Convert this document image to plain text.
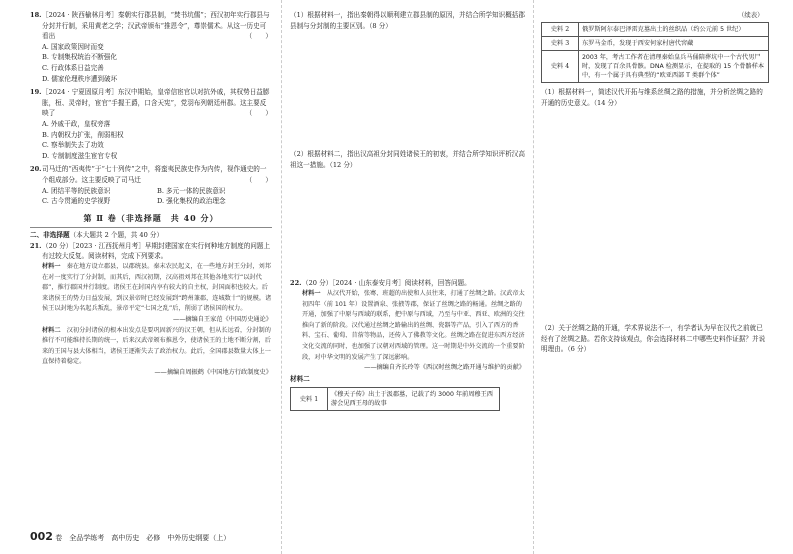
18. ［2024 · 陕西榆林月考］秦朝实行郡县制，“焚书坑儒”；西汉初年实行郡县与分封并行制，采用黄老之学；汉武帝颁布“推恩令”，尊崇儒术。从这一历史可看出	（　　）

A. 国家政策因时而变

B. 专制集权统治不断强化

C. 行政体系日益完善

D. 儒家伦理秩序遭到破坏

19. ［2024 · 宁夏固原月考］东汉中期始，皇帝信宦官以对抗外戚，其权势日益膨胀，桓、灵帝时，宦官“手握王爵，口含天宪”，党羽布列朝廷州郡。这主要反映了	（　　）

A. 外戚干政，皇权旁落

B. 内朝权力扩张，削弱相权

C. 察举制失去了功效

D. 专制制度滋生宦官专权

20. 司马迁的“西夷传”于“七十列传”之中，将蛮夷民族史作为内传，视作通史的一个组成部分。这主要反映了司马迁	（　　）

A. 团结平等的民族意识	B. 多元一体的民族意识
C. 古今贯通的史学视野	D. 强化集权的政治理念
第 Ⅱ 卷（非选择题　共 40 分）

二、非选择题（本大题共 2 个题，共 40 分）

21. （20 分）［2023 · 江西抚州月考］早期封建国家在实行何种地方制度的问题上有过较大反复。阅读材料，完成下列要求。

材料一　 秦在地方设立郡县，以郡统县。秦末农民起义，在一些地方封王分封，刘邦在对一度实行了分封制，而其后，西汉初期，汉高祖刘邦在其他各地实行“以封代郡”，推行郡国并行制度。诸侯王在封国内享有较大的自主权，封国面积也较大。后来诸侯王的势力日益发展，到汉景帝时已经发展到“跨州兼郡，连城数十”的规模。诸侯王以封地为名起兵叛乱，景帝平定“七国之乱”后，削弱了诸侯国的权力。

——摘编自王家范《中国历史通论》

材料二　 汉初分封诸侯的根本出发点是要巩固新兴的汉王朝，但从长远看，分封制的推行不可能维持长期的统一，后来汉武帝颁布推恩令，使诸侯王的土地不断分割，后来的王国与县大体相当，诸侯王逐渐失去了政治权力。此后，全国郡县数量大体上一直保持着稳定。

——摘编自周振鹤《中国地方行政制度史》

（1）根据材料一，指出秦朝得以顺利建立郡县制的原因，并结合所学知识概括郡县制与分封制的主要区别。（8 分）

（2）根据材料二，指出汉高祖分封同姓诸侯王的初衷，并结合所学知识评析汉高祖这一措施。（12 分）

22. （20 分）［2024 · 山东泰安月考］阅读材料，回答问题。

材料一　 从汉代开始，张骞、班超的出使和人员往来，打通了丝绸之路。汉武帝太初四年（前 101 年）设置酒泉、张掖等郡，保证了丝绸之路的畅通。丝绸之路的开通，加强了中原与西域的联系，把中原与西域，乃至与中亚、西亚、欧洲的交往推向了新的阶段。汉代通过丝绸之路输出的丝绸、瓷器等产品，引入了西方的香料、宝石、葡萄、苜蓿等物品，还传入了佛教等文化。丝绸之路在促进东西方经济文化交流的同时，也加强了汉朝对西域的管理。这一时期是中外交流的一个重要阶段，对中华文明的发展产生了深远影响。

——摘编自齐长玲等《西汉时丝绸之路开通与维护的贡献》

材料二

史料 1	《穆天子传》出土于汲郡墓，记载了约 3000 年前周穆王西游会见西王母的故事
（续表）
史料 2	俄罗斯阿尔泰巴泽雷克墓出土的丝织品（约公元前 5 世纪）
史料 3	东罗马金币，发现于西安何家村唐代窖藏
史料 4	2003 年，考古工作者在清理秦始皇兵马俑陪葬坑中一个古代男尸时，发现了百余具骨骸。DNA 检测显示，在提取的 15 个骨骼样本中，有一个属于具有典型的“欧亚西部 T 类群个体”

（1）根据材料一，简述汉代开拓与维系丝绸之路的措施，并分析丝绸之路的开通的历史意义。（14 分）

（2）关于丝绸之路的开通，学术界说法不一，有学者认为早在汉代之前就已经有了丝绸之路。若你支持该观点，你会选择材料二中哪些史料作证据？并说明理由。（6 分）

002 卷　全品学练考　高中历史　必修　中外历史纲要（上）
